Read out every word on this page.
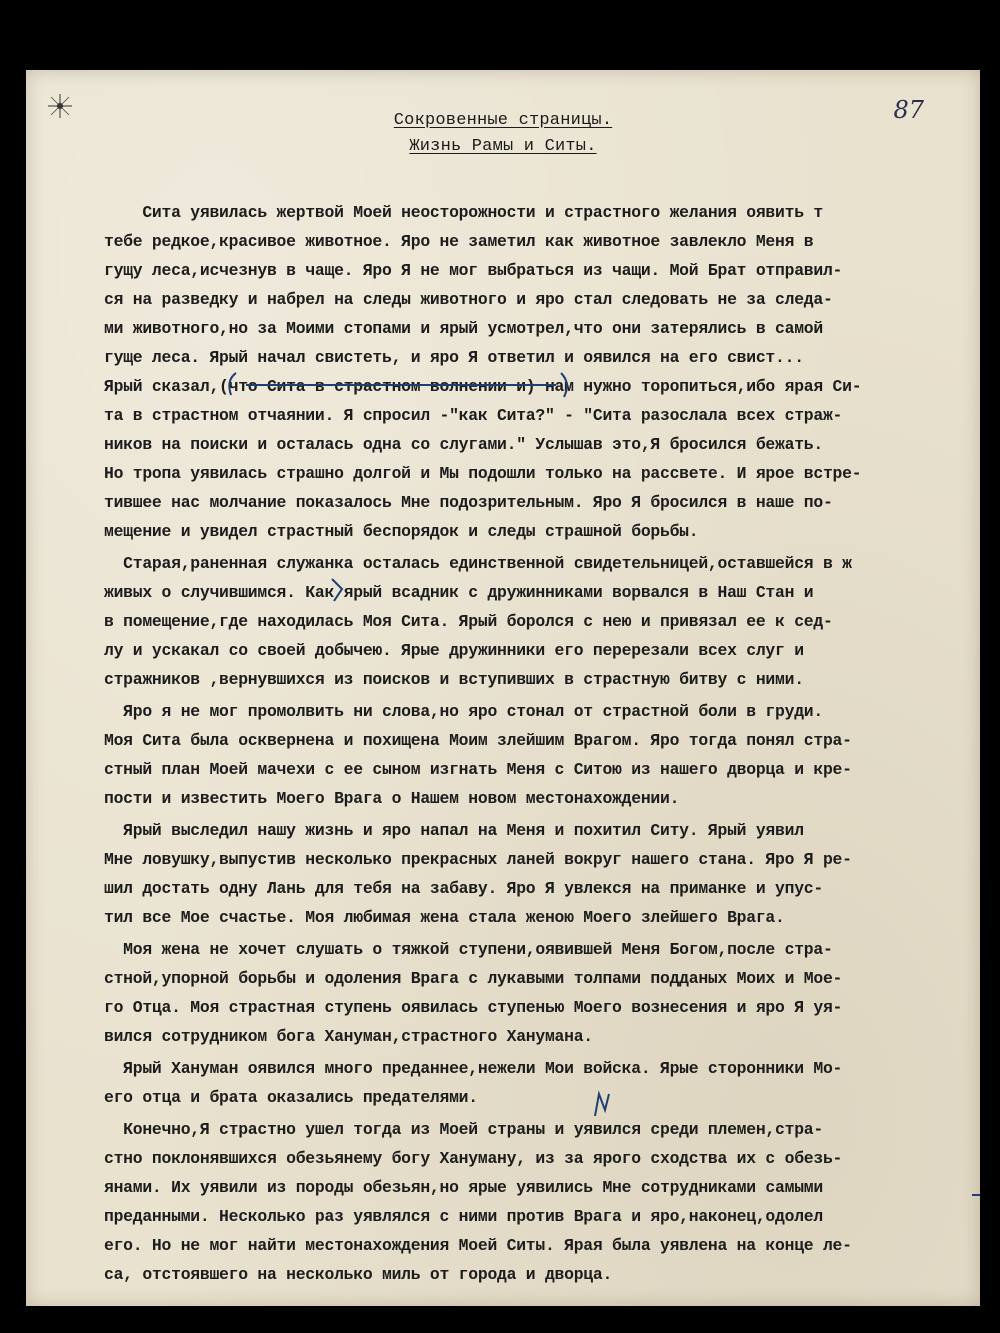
87
Сокровенные страницы.
Жизнь Рамы и Ситы.
Сита уявилась жертвой Моей неосторожности и страстного желания оявить т
тебе редкое,красивое животное. Яро не заметил как животное завлекло Меня в
гущу леса,исчезнув в чаще. Яро Я не мог выбраться из чащи. Мой Брат отправил-
ся на разведку и набрел на следы животного и яро стал следовать не за следа-
ми животного,но за Моими стопами и ярый усмотрел,что они затерялись в самой
гуще леса. Ярый начал свистеть, и яро Я ответил и оявился на его свист...
Ярый сказал,(что Сита в страстном волнении и) нам нужно торопиться,ибо ярая Си-
та в страстном отчаянии. Я спросил -"как Сита?" - "Сита разослала всех страж-
ников на поиски и осталась одна со слугами." Услышав это,Я бросился бежать.
Но тропа уявилась страшно долгой и Мы подошли только на рассвете. И ярое встре-
тившее нас молчание показалось Мне подозрительным. Яро Я бросился в наше по-
мещение и увидел страстный беспорядок и следы страшной борьбы.
Старая,раненная служанка осталась единственной свидетельницей,оставшейся в ж
живых о случившимся. Как ярый всадник с дружинниками ворвался в Наш Стан и
в помещение,где находилась Моя Сита. Ярый боролся с нею и привязал ее к сед-
лу и ускакал со своей добычею. Ярые дружинники его перерезали всех слуг и
стражников ,вернувшихся из поисков и вступивших в страстную битву с ними.
Яро я не мог промолвить ни слова,но яро стонал от страстной боли в груди.
Моя Сита была осквернена и похищена Моим злейшим Врагом. Яро тогда понял стра-
стный план Моей мачехи с ее сыном изгнать Меня с Ситою из нашего дворца и кре-
пости и известить Моего Врага о Нашем новом местонахождении.
Ярый выследил нашу жизнь и яро напал на Меня и похитил Ситу. Ярый уявил
Мне ловушку,выпустив несколько прекрасных ланей вокруг нашего стана. Яро Я ре-
шил достать одну Лань для тебя на забаву. Яро Я увлекся на приманке и упус-
тил все Мое счастье. Моя любимая жена стала женою Моего злейшего Врага.
Моя жена не хочет слушать о тяжкой ступени,оявившей Меня Богом,после стра-
стной,упорной борьбы и одоления Врага с лукавыми толпами подданых Моих и Мое-
го Отца. Моя страстная ступень оявилась ступенью Моего вознесения и яро Я уя-
вился сотрудником бога Хануман,страстного Ханумана.
Ярый Хануман оявился много преданнее,нежели Мои войска. Ярые сторонники Мо-
его отца и брата оказались предателями.
Конечно,Я страстно ушел тогда из Моей страны и уявился среди племен,стра-
стно поклонявшихся обезьянему богу Хануману, из за ярого сходства их с обезь-
янами. Их уявили из породы обезьян,но ярые уявились Мне сотрудниками самыми
преданными. Несколько раз уявлялся с ними против Врага и яро,наконец,одолел
его. Но не мог найти местонахождения Моей Ситы. Ярая была уявлена на конце ле-
са, отстоявшего на несколько миль от города и дворца.
